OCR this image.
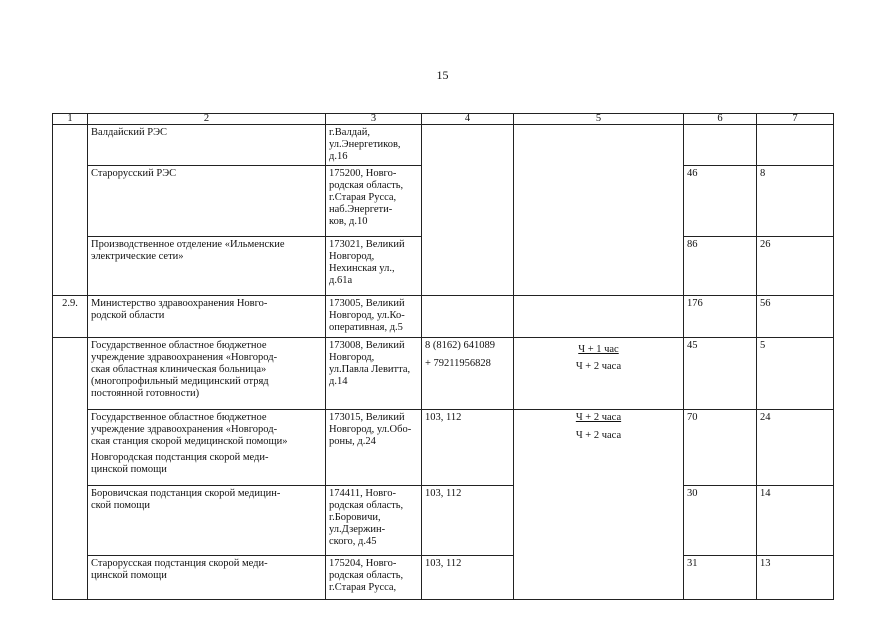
15
1	2	3	4	5	6	7

	Валдайский РЭС	г.Валдай,
ул.Энергетиков,
д.16				

	Старорусский РЭС	175200, Новго-
родская область,
г.Старая Русса,
наб.Энергети-
ков, д.10			46	8

	Производственное отделение «Ильменские
электрические сети»	173021, Великий
Новгород,
Нехинская ул.,
д.61а			86	26
2.9.	Министерство здравоохранения Новго-
родской области	173005, Великий
Новгород, ул.Ко-
оперативная, д.5			176	56

	Государственное областное бюджетное
учреждение здравоохранения «Новгород-
ская областная клиническая больница»
(многопрофильный медицинский отряд
постоянной готовности)	173008, Великий
Новгород,
ул.Павла Левитта,
д.14	8 (8162) 641089
+ 79211956828	Ч + 1 час
Ч + 2 часа	45	5

	Государственное областное бюджетное
учреждение здравоохранения «Новгород-
ская станция скорой медицинской помощи»
Новгородская подстанция скорой меди-
цинской помощи	173015, Великий
Новгород, ул.Обо-
роны, д.24	103, 112	Ч + 2 часа
Ч + 2 часа	70	24

	Боровичская подстанция скорой медицин-
ской помощи	174411, Новго-
родская область,
г.Боровичи,
ул.Дзержин-
ского, д.45	103, 112		30	14

	Старорусская подстанция скорой меди-
цинской помощи	175204, Новго-
родская область,
г.Старая Русса,	103, 112		31	13
